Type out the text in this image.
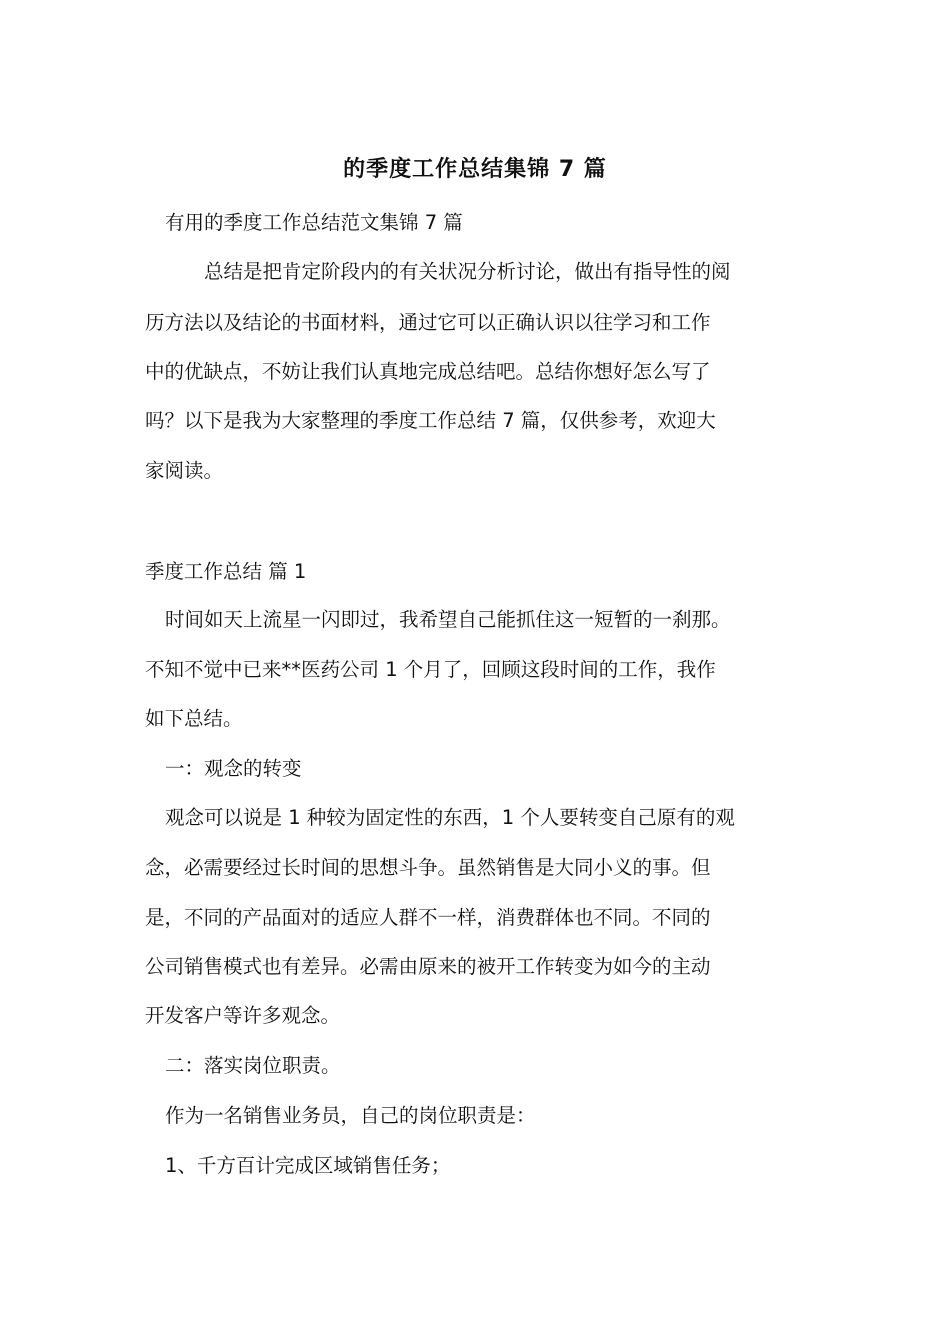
的季度工作总结集锦 7 篇
有用的季度工作总结范文集锦 7 篇
总结是把肯定阶段内的有关状况分析讨论，做出有指导性的阅
历方法以及结论的书面材料，通过它可以正确认识以往学习和工作
中的优缺点，不妨让我们认真地完成总结吧。总结你想好怎么写了
吗？以下是我为大家整理的季度工作总结 7 篇，仅供参考，欢迎大
家阅读。
季度工作总结 篇 1
时间如天上流星一闪即过，我希望自己能抓住这一短暂的一刹那。
不知不觉中已来**医药公司 1 个月了，回顾这段时间的工作，我作
如下总结。
一：观念的转变
观念可以说是 1 种较为固定性的东西，1 个人要转变自己原有的观
念，必需要经过长时间的思想斗争。虽然销售是大同小义的事。但
是，不同的产品面对的适应人群不一样，消费群体也不同。不同的
公司销售模式也有差异。必需由原来的被开工作转变为如今的主动
开发客户等许多观念。
二：落实岗位职责。
作为一名销售业务员，自己的岗位职责是：
1、千方百计完成区域销售任务；
